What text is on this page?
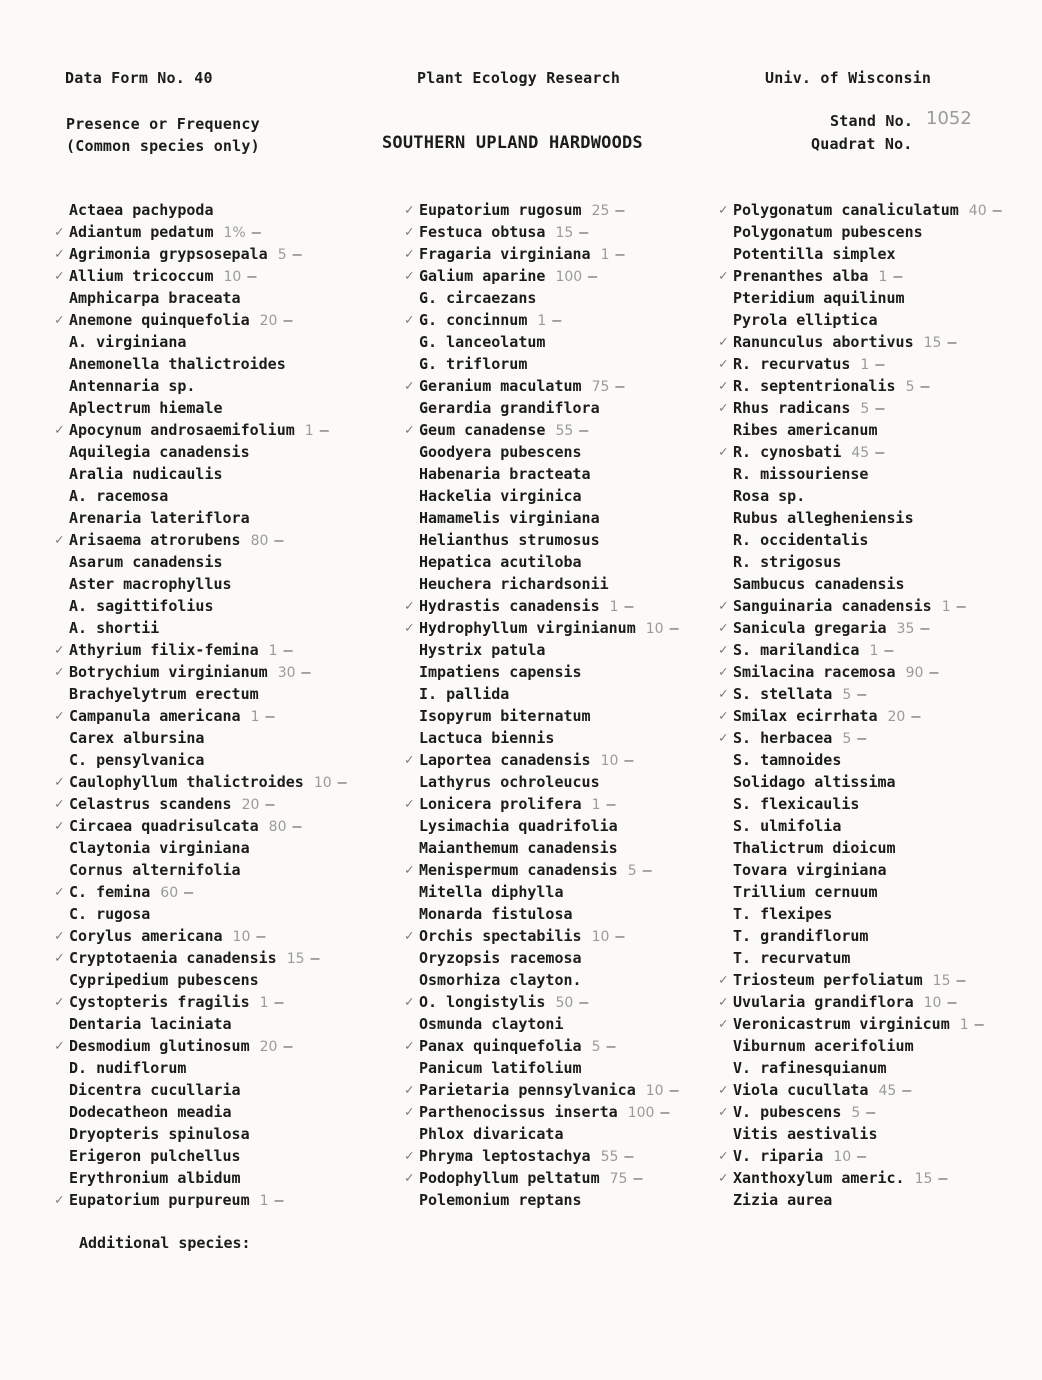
Data Form No. 40	Plant Ecology Research	Univ. of Wisconsin
Presence or Frequency
(Common species only)	SOUTHERN UPLAND HARDWOODS
Stand No. 1052
Quadrat No.
Actaea pachypoda
✓ Adiantum pedatum 1% —
✓ Agrimonia grypsosepala 5 —
✓ Allium tricoccum 10 —
Amphicarpa braceata
✓ Anemone quinquefolia 20 —
A. virginiana
Anemonella thalictroides
Antennaria sp.
Aplectrum hiemale
✓ Apocynum androsaemifolium 1 —
Aquilegia canadensis
Aralia nudicaulis
A. racemosa
Arenaria lateriflora
✓ Arisaema atrorubens 80 —
Asarum canadensis
Aster macrophyllus
A. sagittifolius
A. shortii
✓ Athyrium filix-femina 1 —
✓ Botrychium virginianum 30 —
Brachyelytrum erectum
✓ Campanula americana 1 —
Carex albursina
C. pensylvanica
✓ Caulophyllum thalictroides 10 —
✓ Celastrus scandens 20 —
✓ Circaea quadrisulcata 80 —
Claytonia virginiana
Cornus alternifolia
✓ C. femina 60 —
C. rugosa
✓ Corylus americana 10 —
✓ Cryptotaenia canadensis 15 —
Cypripedium pubescens
✓ Cystopteris fragilis 1 —
Dentaria laciniata
✓ Desmodium glutinosum 20 —
D. nudiflorum
Dicentra cucullaria
Dodecatheon meadia
Dryopteris spinulosa
Erigeron pulchellus
Erythronium albidum
✓ Eupatorium purpureum 1 —
✓ Eupatorium rugosum 25 —
✓ Festuca obtusa 15 —
✓ Fragaria virginiana 1 —
✓ Galium aparine 100 —
G. circaezans
✓ G. concinnum 1 —
G. lanceolatum
G. triflorum
✓ Geranium maculatum 75 —
Gerardia grandiflora
✓ Geum canadense 55 —
Goodyera pubescens
Habenaria bracteata
Hackelia virginica
Hamamelis virginiana
Helianthus strumosus
Hepatica acutiloba
Heuchera richardsonii
✓ Hydrastis canadensis 1 —
✓ Hydrophyllum virginianum 10 —
Hystrix patula
Impatiens capensis
I. pallida
Isopyrum biternatum
Lactuca biennis
✓ Laportea canadensis 10 —
Lathyrus ochroleucus
✓ Lonicera prolifera 1 —
Lysimachia quadrifolia
Maianthemum canadensis
✓ Menispermum canadensis 5 —
Mitella diphylla
Monarda fistulosa
✓ Orchis spectabilis 10 —
Oryzopsis racemosa
Osmorhiza clayton.
✓ O. longistylis 50 —
Osmunda claytoni
✓ Panax quinquefolia 5 —
Panicum latifolium
✓ Parietaria pennsylvanica 10 —
✓ Parthenocissus inserta 100 —
Phlox divaricata
✓ Phryma leptostachya 55 —
✓ Podophyllum peltatum 75 —
Polemonium reptans
✓ Polygonatum canaliculatum 40 —
Polygonatum pubescens
Potentilla simplex
✓ Prenanthes alba 1 —
Pteridium aquilinum
Pyrola elliptica
✓ Ranunculus abortivus 15 —
✓ R. recurvatus 1 —
✓ R. septentrionalis 5 —
✓ Rhus radicans 5 —
Ribes americanum
✓ R. cynosbati 45 —
R. missouriense
Rosa sp.
Rubus allegheniensis
R. occidentalis
R. strigosus
Sambucus canadensis
✓ Sanguinaria canadensis 1 —
✓ Sanicula gregaria 35 —
✓ S. marilandica 1 —
✓ Smilacina racemosa 90 —
✓ S. stellata 5 —
✓ Smilax ecirrhata 20 —
✓ S. herbacea 5 —
S. tamnoides
Solidago altissima
S. flexicaulis
S. ulmifolia
Thalictrum dioicum
Tovara virginiana
Trillium cernuum
T. flexipes
T. grandiflorum
T. recurvatum
✓ Triosteum perfoliatum 15 —
✓ Uvularia grandiflora 10 —
✓ Veronicastrum virginicum 1 —
Viburnum acerifolium
V. rafinesquianum
✓ Viola cucullata 45 —
✓ V. pubescens 5 —
Vitis aestivalis
✓ V. riparia 10 —
✓ Xanthoxylum americ. 15 —
Zizia aurea
Additional species:
